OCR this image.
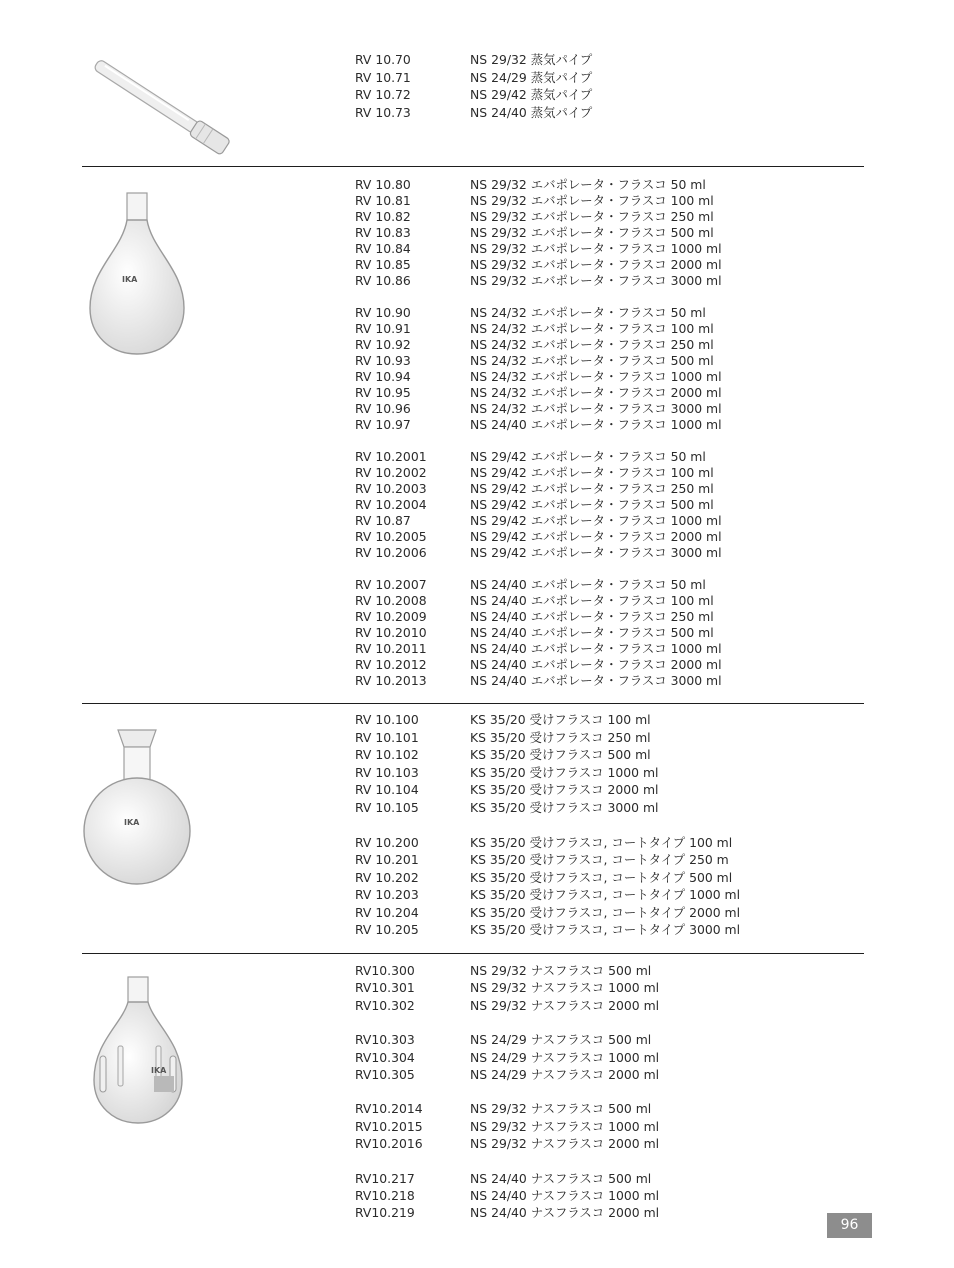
RV 10.70	NS 29/32 蒸気パイプ
RV 10.71	NS 24/29 蒸気パイプ
RV 10.72	NS 29/42 蒸気パイプ
RV 10.73	NS 24/40 蒸気パイプ
IKA
RV 10.80	NS 29/32 エバポレータ・フラスコ 50 ml
RV 10.81	NS 29/32 エバポレータ・フラスコ 100 ml
RV 10.82	NS 29/32 エバポレータ・フラスコ 250 ml
RV 10.83	NS 29/32 エバポレータ・フラスコ 500 ml
RV 10.84	NS 29/32 エバポレータ・フラスコ 1000 ml
RV 10.85	NS 29/32 エバポレータ・フラスコ 2000 ml
RV 10.86	NS 29/32 エバポレータ・フラスコ 3000 ml
RV 10.90	NS 24/32 エバポレータ・フラスコ 50 ml
RV 10.91	NS 24/32 エバポレータ・フラスコ 100 ml
RV 10.92	NS 24/32 エバポレータ・フラスコ 250 ml
RV 10.93	NS 24/32 エバポレータ・フラスコ 500 ml
RV 10.94	NS 24/32 エバポレータ・フラスコ 1000 ml
RV 10.95	NS 24/32 エバポレータ・フラスコ 2000 ml
RV 10.96	NS 24/32 エバポレータ・フラスコ 3000 ml
RV 10.97	NS 24/40 エバポレータ・フラスコ 1000 ml
RV 10.2001	NS 29/42 エバポレータ・フラスコ 50 ml
RV 10.2002	NS 29/42 エバポレータ・フラスコ 100 ml
RV 10.2003	NS 29/42 エバポレータ・フラスコ 250 ml
RV 10.2004	NS 29/42 エバポレータ・フラスコ 500 ml
RV 10.87	NS 29/42 エバポレータ・フラスコ 1000 ml
RV 10.2005	NS 29/42 エバポレータ・フラスコ 2000 ml
RV 10.2006	NS 29/42 エバポレータ・フラスコ 3000 ml
RV 10.2007	NS 24/40 エバポレータ・フラスコ 50 ml
RV 10.2008	NS 24/40 エバポレータ・フラスコ 100 ml
RV 10.2009	NS 24/40 エバポレータ・フラスコ 250 ml
RV 10.2010	NS 24/40 エバポレータ・フラスコ 500 ml
RV 10.2011	NS 24/40 エバポレータ・フラスコ 1000 ml
RV 10.2012	NS 24/40 エバポレータ・フラスコ 2000 ml
RV 10.2013	NS 24/40 エバポレータ・フラスコ 3000 ml
IKA
RV 10.100	KS 35/20 受けフラスコ 100 ml
RV 10.101	KS 35/20 受けフラスコ 250 ml
RV 10.102	KS 35/20 受けフラスコ 500 ml
RV 10.103	KS 35/20 受けフラスコ 1000 ml
RV 10.104	KS 35/20 受けフラスコ 2000 ml
RV 10.105	KS 35/20 受けフラスコ 3000 ml
RV 10.200	KS 35/20 受けフラスコ, コートタイプ 100 ml
RV 10.201	KS 35/20 受けフラスコ, コートタイプ 250 m
RV 10.202	KS 35/20 受けフラスコ, コートタイプ 500 ml
RV 10.203	KS 35/20 受けフラスコ, コートタイプ 1000 ml
RV 10.204	KS 35/20 受けフラスコ, コートタイプ 2000 ml
RV 10.205	KS 35/20 受けフラスコ, コートタイプ 3000 ml
IKA
RV10.300	NS 29/32 ナスフラスコ 500 ml
RV10.301	NS 29/32 ナスフラスコ 1000 ml
RV10.302	NS 29/32 ナスフラスコ 2000 ml
RV10.303	NS 24/29 ナスフラスコ 500 ml
RV10.304	NS 24/29 ナスフラスコ 1000 ml
RV10.305	NS 24/29 ナスフラスコ 2000 ml
RV10.2014	NS 29/32 ナスフラスコ 500 ml
RV10.2015	NS 29/32 ナスフラスコ 1000 ml
RV10.2016	NS 29/32 ナスフラスコ 2000 ml
RV10.217	NS 24/40 ナスフラスコ 500 ml
RV10.218	NS 24/40 ナスフラスコ 1000 ml
RV10.219	NS 24/40 ナスフラスコ 2000 ml
96
